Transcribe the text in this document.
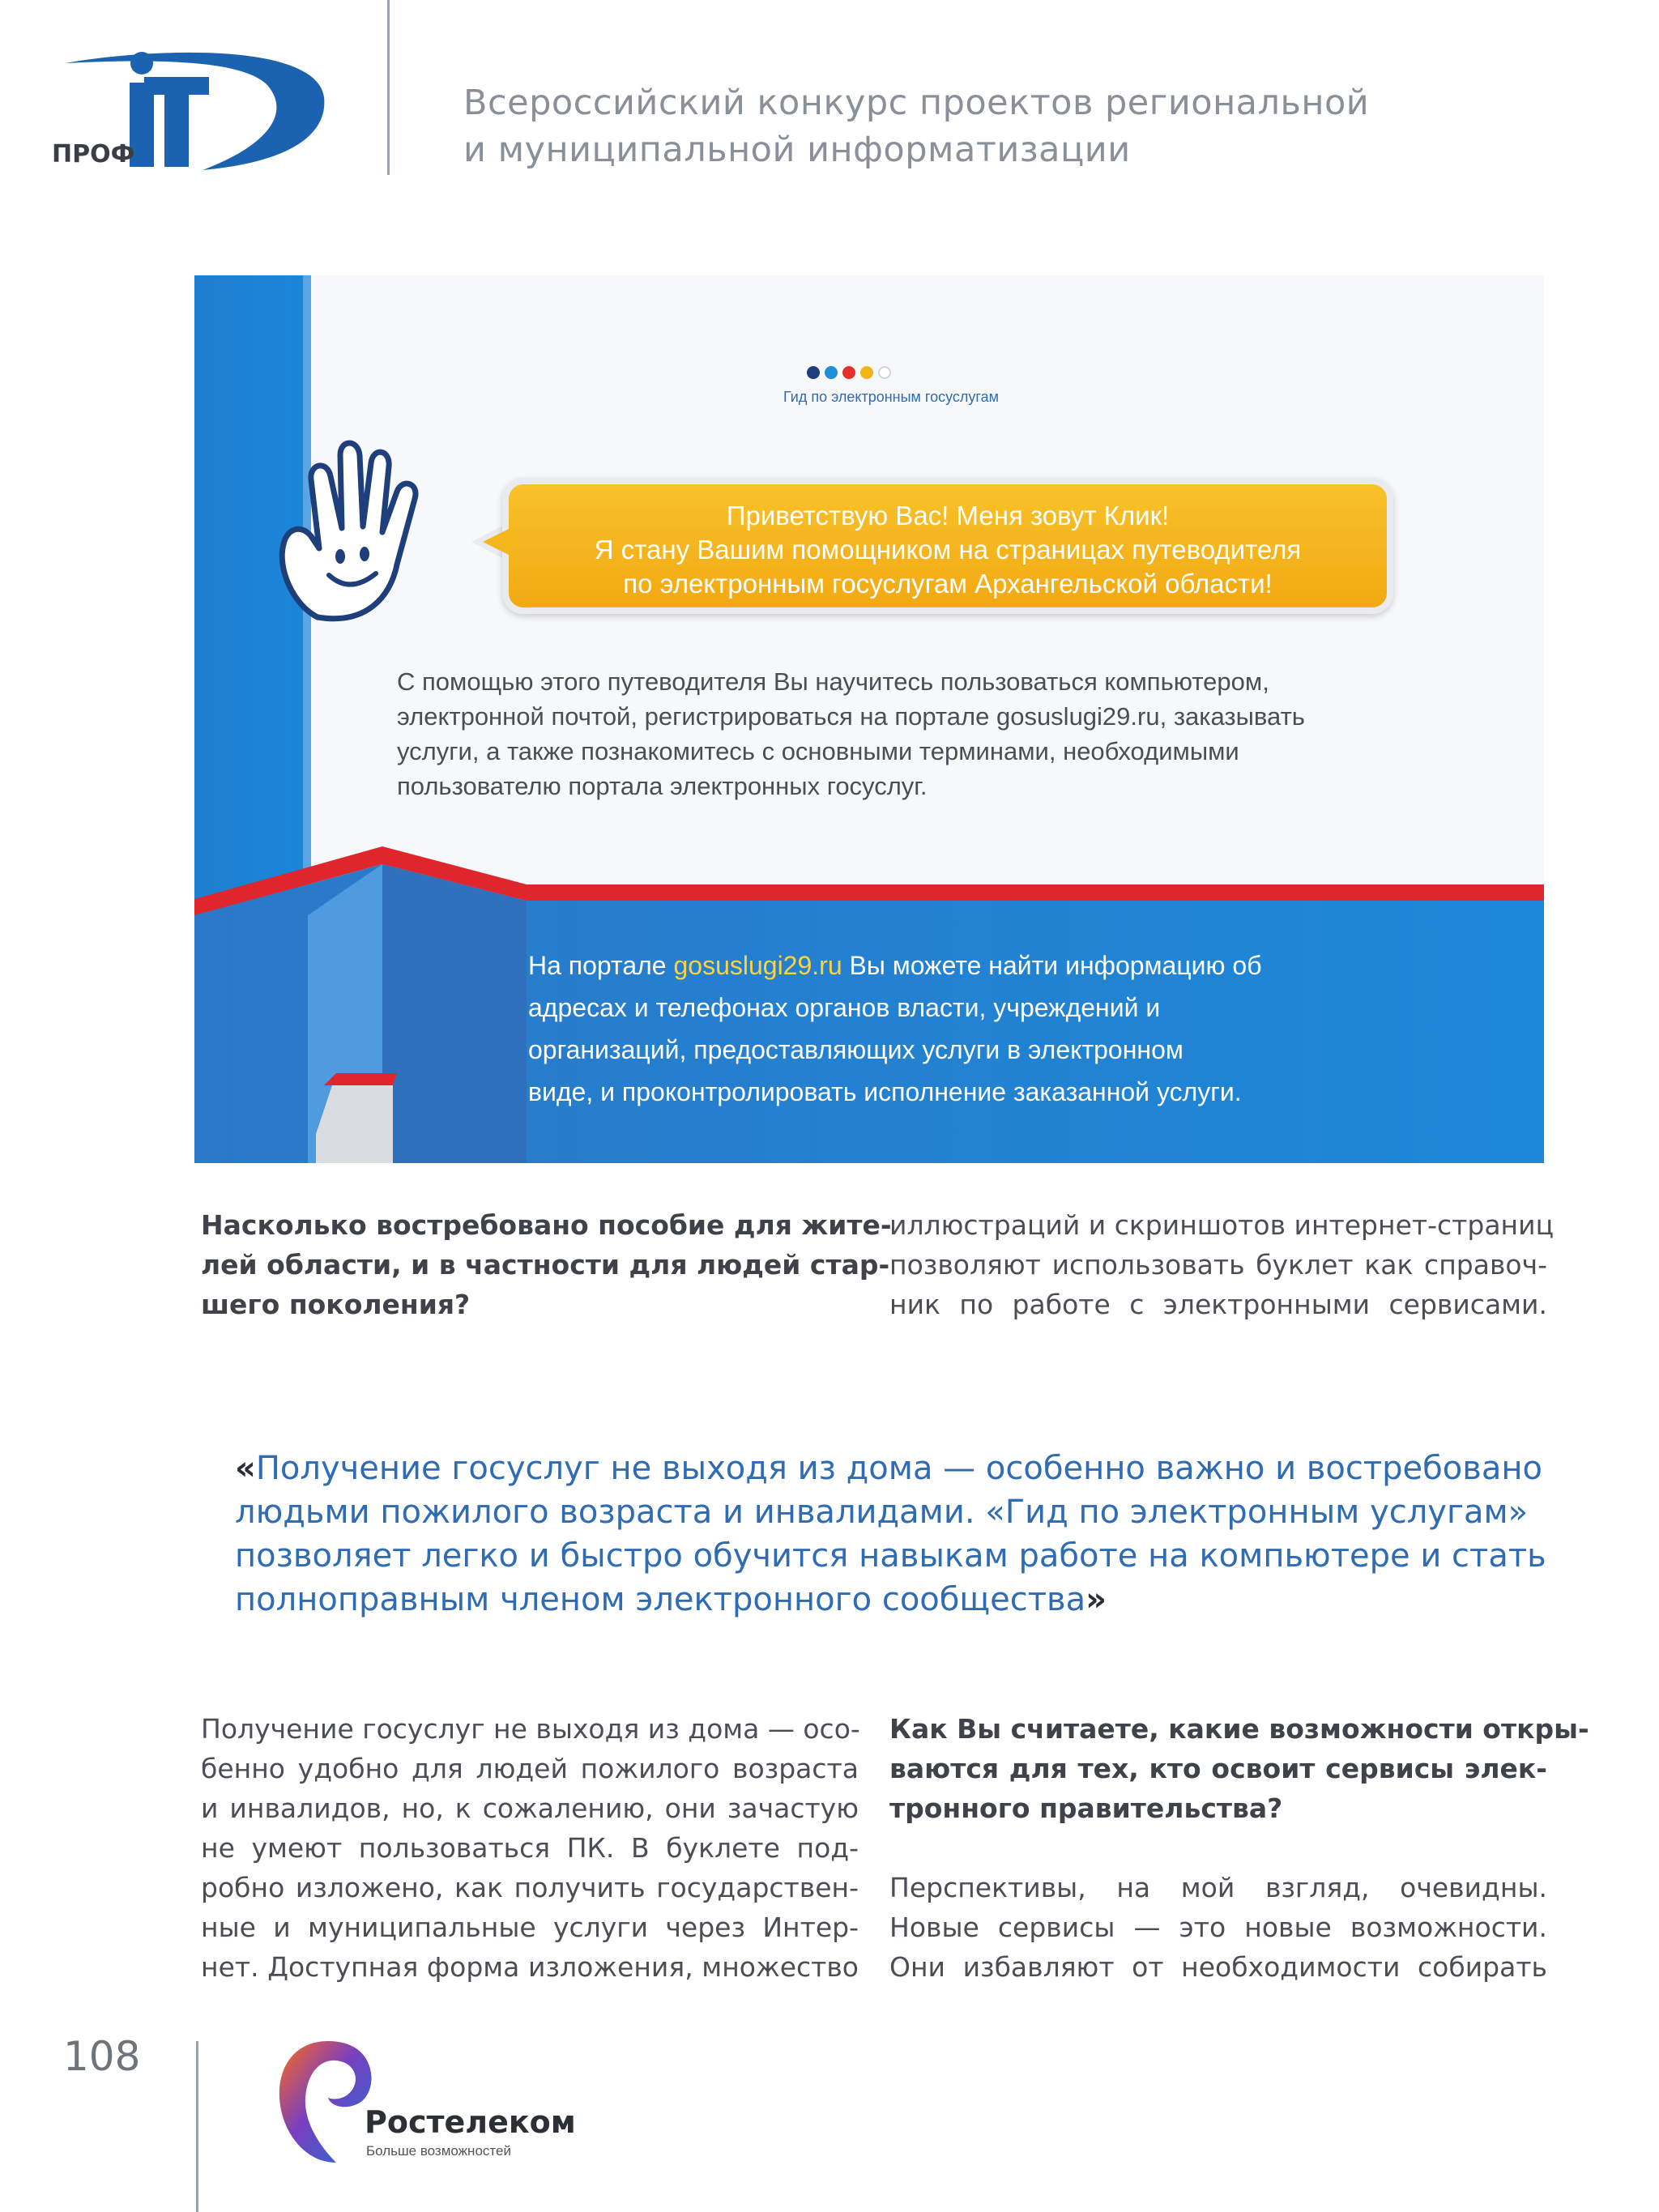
ПРОФ
Всероссийский конкурс проектов региональной
и муниципальной информатизации
Гид по электронным госуслугам
Приветствую Вас! Меня зовут Клик!
Я стану Вашим помощником на страницах путеводителя
по электронным госуслугам Архангельской области!
С помощью этого путеводителя Вы научитесь пользоваться компьютером,
электронной почтой, регистрироваться на портале gosuslugi29.ru, заказывать
услуги, а также познакомитесь с основными терминами, необходимыми
пользователю портала электронных госуслуг.
На портале gosuslugi29.ru Вы можете найти информацию об
адресах и телефонах органов власти, учреждений и
организаций, предоставляющих услуги в электронном
виде, и проконтролировать исполнение заказанной услуги.
Насколько востребовано пособие для жите-
лей области, и в частности для людей стар-
шего поколения?
иллюстраций и скриншотов интернет-страниц
позволяют использовать буклет как справоч-
ник по работе с электронными сервисами.
«Получение госуслуг не выходя из дома — особенно важно и востребовано
людьми пожилого возраста и инвалидами. «Гид по электронным услугам»
позволяет легко и быстро обучится навыкам работе на компьютере и стать
полноправным членом электронного сообщества»
Получение госуслуг не выходя из дома — осо-
бенно удобно для людей пожилого возраста
и инвалидов, но, к сожалению, они зачастую
не умеют пользоваться ПК. В буклете под-
робно изложено, как получить государствен-
ные и муниципальные услуги через Интер-
нет. Доступная форма изложения, множество
Как Вы считаете, какие возможности откры-
ваются для тех, кто освоит сервисы элек-
тронного правительства?
Перспективы, на мой взгляд, очевидны.
Новые сервисы — это новые возможности.
Они избавляют от необходимости собирать
108
Ростелеком
Больше возможностей
